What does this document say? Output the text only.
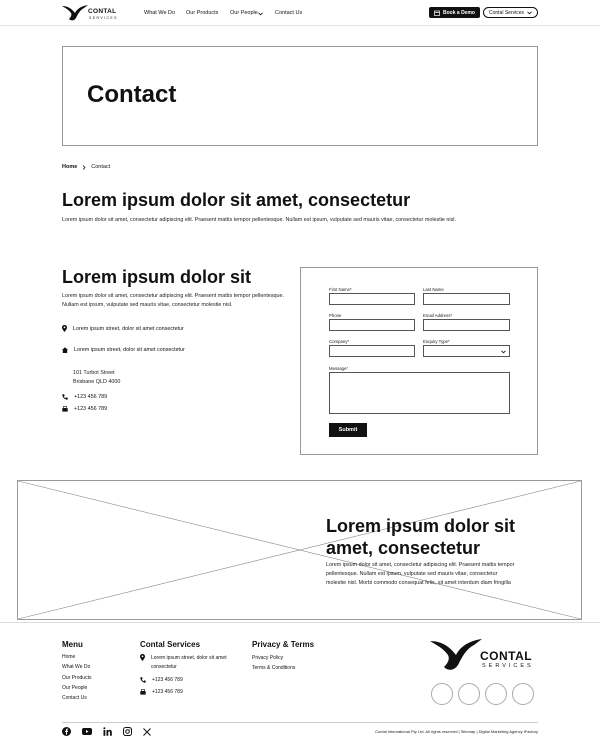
CONTAL
SERVICES
What We Do Our Products Our People	Contact Us	Book a Demo	Contal Services
Contact
Home	Contact
Lorem ipsum dolor sit amet, consectetur
Lorem ipsum dolor sit amet, consectetur adipiscing elit. Praesent mattis tempor pellentesque. Nullam est ipsum, vulputate sed mauris vitae, consectetur molestie nisl.
Lorem ipsum dolor sit
Lorem ipsum dolor sit amet, consectetur adipiscing elit. Praesent mattis tempor pellentesque. Nullam est ipsum, vulputate sed mauris vitae, consectetur molestie nisl.
Lorem ipsum street, dolor sit amet consectetur
Lorem ipsum street, dolor sit amet consectetur
101 Turbot Street
Brisbane QLD 4000
+123 456 789
+123 456 789
First Name*	Last Name
Phone	Email Address*
Company*	Enquiry Type*
Message*
Submit
Lorem ipsum dolor sit amet, consectetur
Lorem ipsum dolor sit amet, consectetur adipiscing elit. Praesent mattis tempor pellentesque. Nullam est ipsum, vulputate sed mauris vitae, consectetur molestie nisl. Morbi commodo consequat felis, sit amet interdum diam fringilla
Menu
Home
What We Do
Our Products
Our People
Contact Us
Contal Services
Lorem ipsum street, dolor sit amet consectetur
+123 456 789
+123 456 789
Privacy & Terms
Privacy Policy
Terms & Conditions
CONTAL
SERVICES
Contal International Pty Ltd. All rights reserved | Sitemap | Digital Marketing Agency iFactory
